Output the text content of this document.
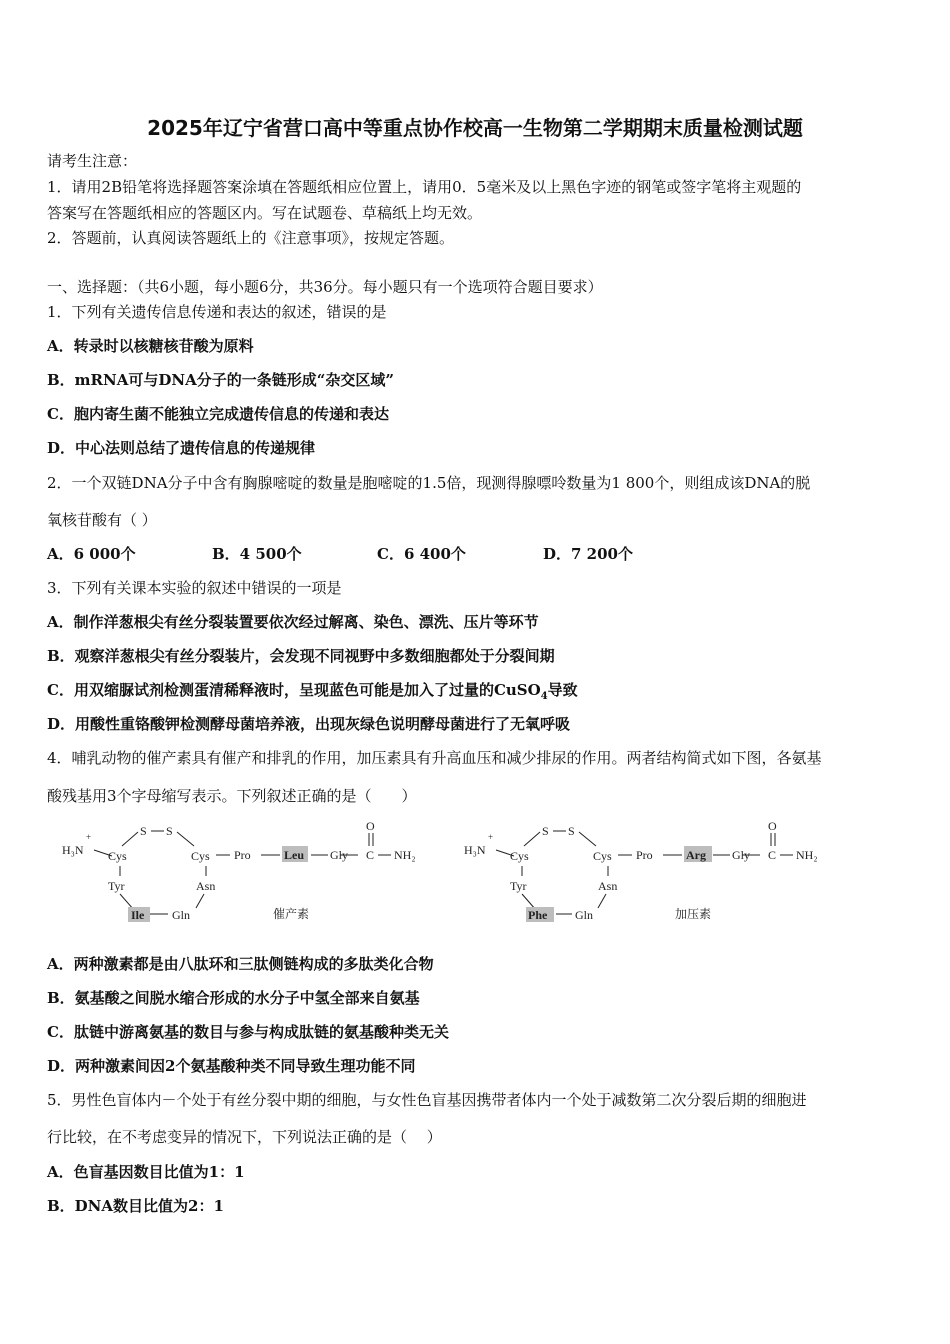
2025年辽宁省营口高中等重点协作校高一生物第二学期期末质量检测试题
请考生注意：
1．请用2B铅笔将选择题答案涂填在答题纸相应位置上，请用0．5毫米及以上黑色字迹的钢笔或签字笔将主观题的
答案写在答题纸相应的答题区内。写在试题卷、草稿纸上均无效。
2．答题前，认真阅读答题纸上的《注意事项》，按规定答题。
一、选择题：（共6小题，每小题6分，共36分。每小题只有一个选项符合题目要求）
1．下列有关遗传信息传递和表达的叙述，错误的是
A．转录时以核糖核苷酸为原料
B．mRNA可与DNA分子的一条链形成“杂交区域”
C．胞内寄生菌不能独立完成遗传信息的传递和表达
D．中心法则总结了遗传信息的传递规律
2．一个双链DNA分子中含有胸腺嘧啶的数量是胞嘧啶的1.5倍，现测得腺嘌呤数量为1 800个，则组成该DNA的脱
氧核苷酸有（ ）
A．6 000个	B．4 500个	C．6 400个	D．7 200个
3．下列有关课本实验的叙述中错误的一项是
A．制作洋葱根尖有丝分裂装置要依次经过解离、染色、漂洗、压片等环节
B．观察洋葱根尖有丝分裂装片，会发现不同视野中多数细胞都处于分裂间期
C．用双缩脲试剂检测蛋清稀释液时，呈现蓝色可能是加入了过量的CuSO$_4$导致
D．用酸性重铬酸钾检测酵母菌培养液，出现灰绿色说明酵母菌进行了无氧呼吸
4．哺乳动物的催产素具有催产和排乳的作用，加压素具有升高血压和减少排尿的作用。两者结构简式如下图，各氨基
酸残基用3个字母缩写表示。下列叙述正确的是（　　）
H₃N
+
Cys
S S
Cys
Tyr	Asn
Ile Gln
Pro	Leu Gly C
O
NH₂
催产素
H₃N
+
Cys
S S
Cys
Tyr	Asn
Phe Gln
Pro	Arg Gly C
O
NH₂
加压素
A．两种激素都是由八肽环和三肽侧链构成的多肽类化合物
B．氨基酸之间脱水缩合形成的水分子中氢全部来自氨基
C．肽链中游离氨基的数目与参与构成肽链的氨基酸种类无关
D．两种激素间因2个氨基酸种类不同导致生理功能不同
5．男性色盲体内－个处于有丝分裂中期的细胞，与女性色盲基因携带者体内一个处于减数第二次分裂后期的细胞进
行比较，在不考虑变异的情况下，下列说法正确的是（　 ）
A．色盲基因数目比值为1：1
B．DNA数目比值为2：1
